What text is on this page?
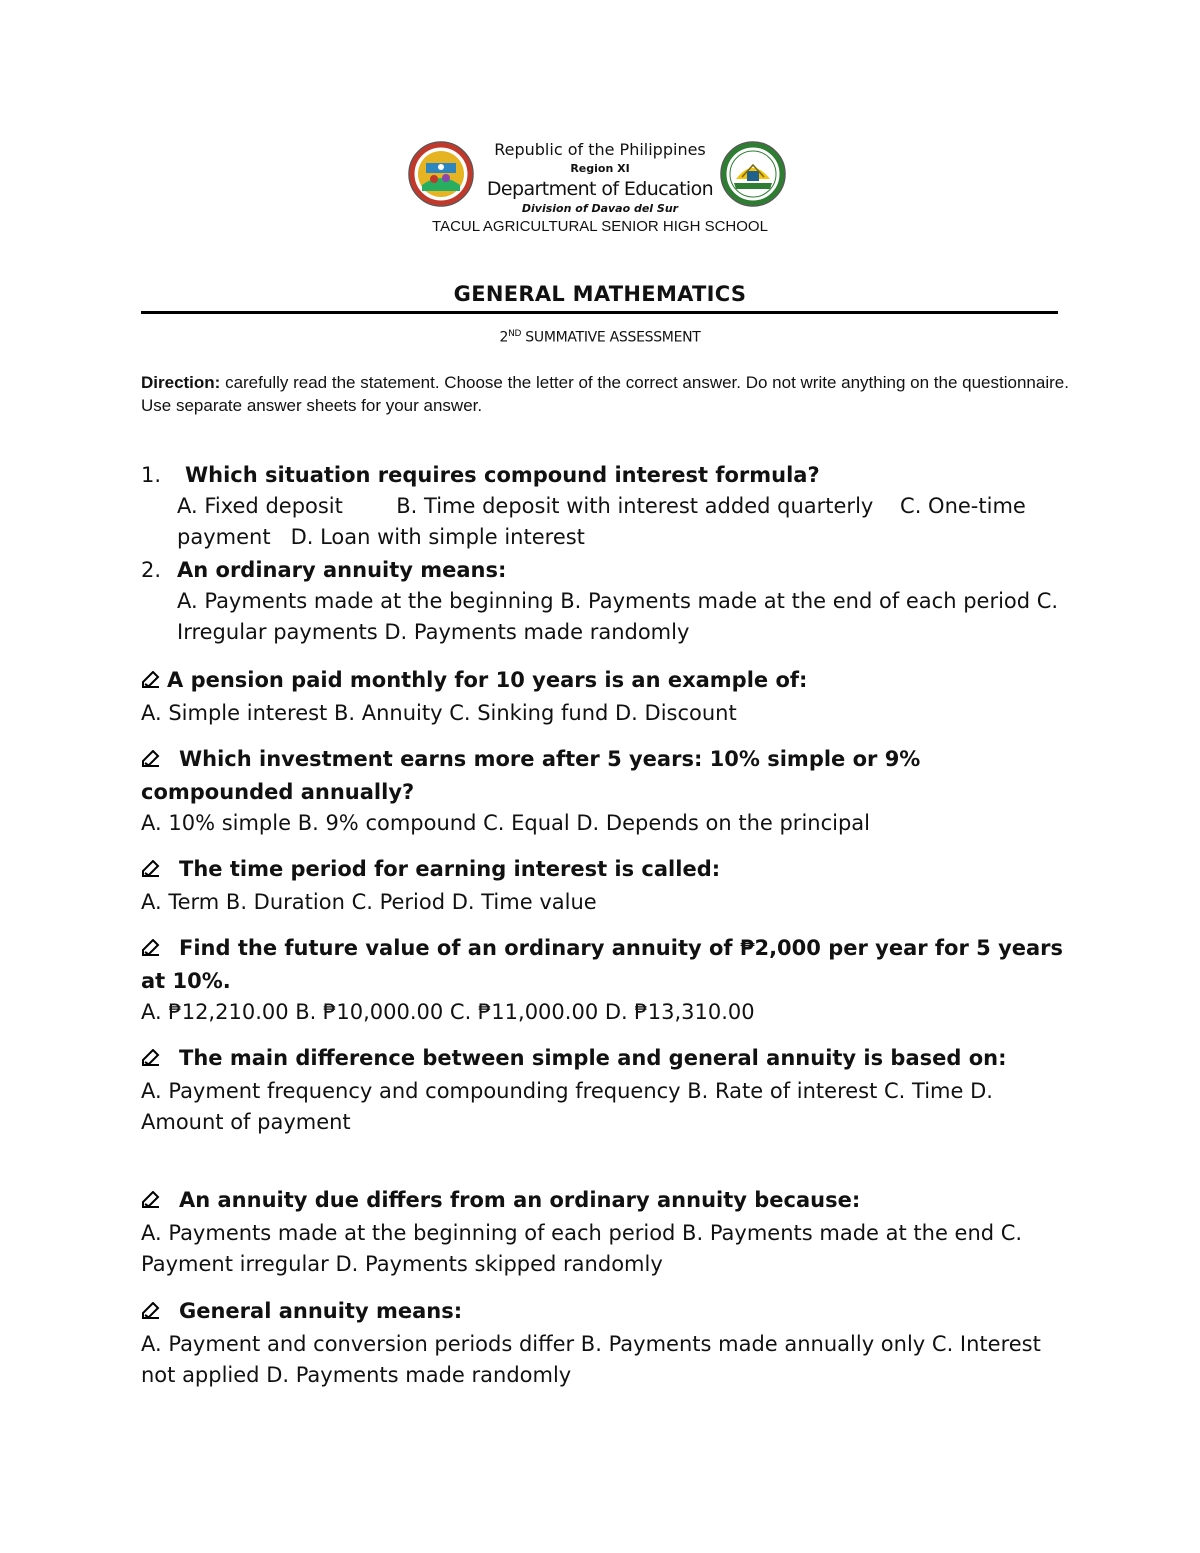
Republic of the Philippines
Region XI
Department of Education
Division of Davao del Sur
TACUL AGRICULTURAL SENIOR HIGH SCHOOL
GENERAL MATHEMATICS
2ND SUMMATIVE ASSESSMENT
Direction: carefully read the statement. Choose the letter of the correct answer. Do not write anything on the questionnaire. Use separate answer sheets for your answer.
1.	Which situation requires compound interest formula?
A. Fixed deposit        B. Time deposit with interest added quarterly    C. One-time payment   D. Loan with simple interest
2. An ordinary annuity means:
A. Payments made at the beginning B. Payments made at the end of each period C. Irregular payments D. Payments made randomly
A pension paid monthly for 10 years is an example of:
A. Simple interest B. Annuity C. Sinking fund D. Discount
Which investment earns more after 5 years: 10% simple or 9% compounded annually?
A. 10% simple B. 9% compound C. Equal D. Depends on the principal
The time period for earning interest is called:
A. Term B. Duration C. Period D. Time value
Find the future value of an ordinary annuity of ₱2,000 per year for 5 years at 10%.
A. ₱12,210.00 B. ₱10,000.00 C. ₱11,000.00 D. ₱13,310.00
The main difference between simple and general annuity is based on:
A. Payment frequency and compounding frequency B. Rate of interest C. Time D. Amount of payment
An annuity due differs from an ordinary annuity because:
A. Payments made at the beginning of each period B. Payments made at the end C. Payment irregular D. Payments skipped randomly
General annuity means:
A. Payment and conversion periods differ B. Payments made annually only C. Interest not applied D. Payments made randomly
